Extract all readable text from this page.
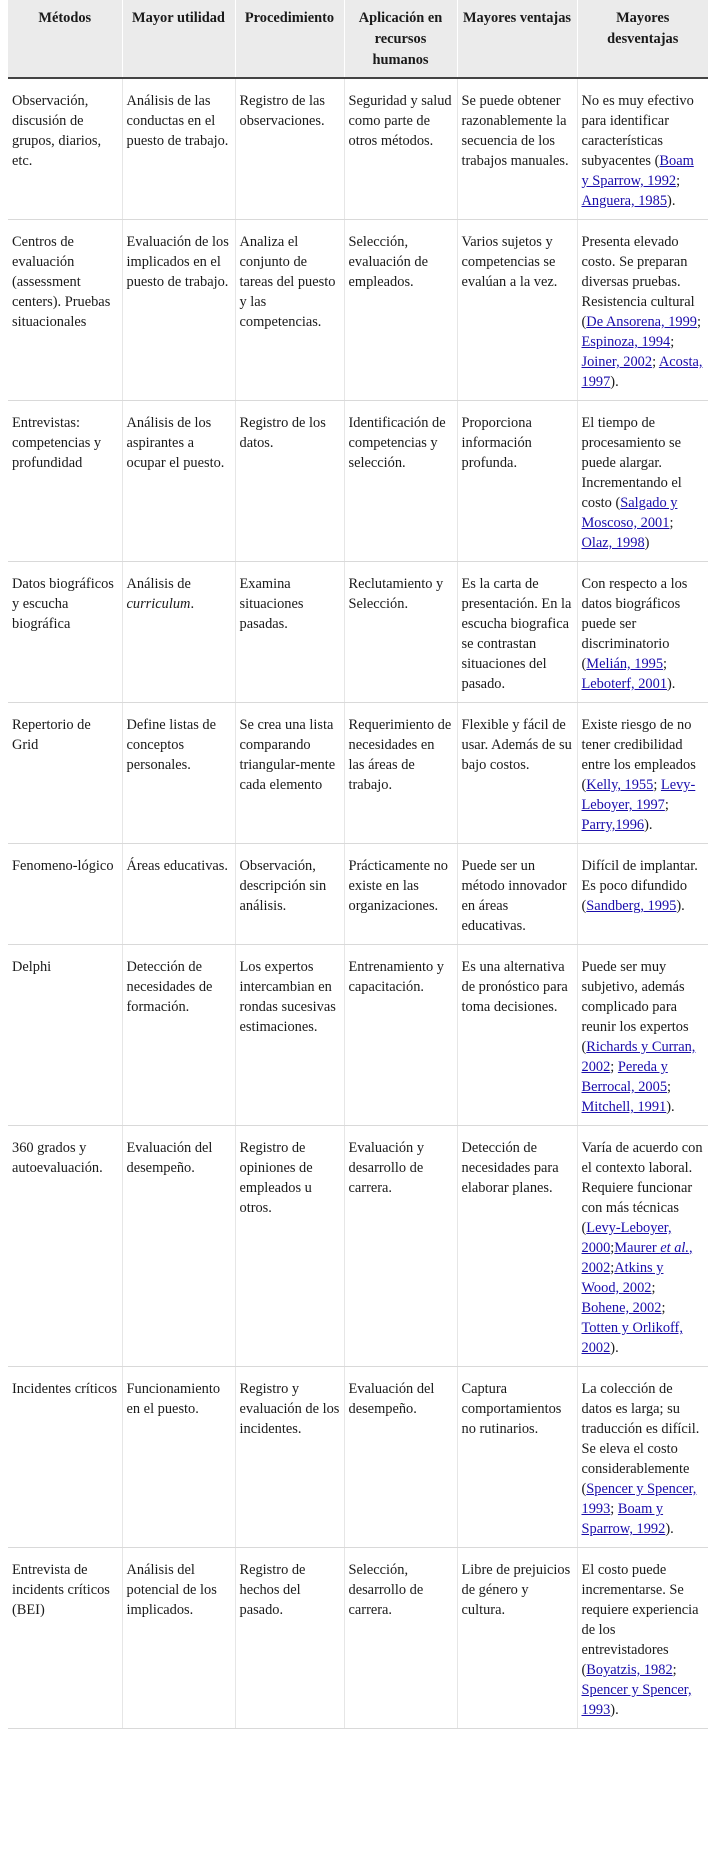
Métodos	Mayor utilidad	Procedimiento	Aplicación en recursos humanos	Mayores ventajas	Mayores desventajas
Observación, discusión de grupos, diarios, etc.	Análisis de las conductas en el puesto de trabajo.	Registro de las observaciones.	Seguridad y salud como parte de otros métodos.	Se puede obtener razonablemente la secuencia de los trabajos manuales.	No es muy efectivo para identificar características subyacentes (Boam y Sparrow, 1992; Anguera, 1985).
Centros de evaluación (assessment centers). Pruebas situacionales	Evaluación de los implicados en el puesto de trabajo.	Analiza el conjunto de tareas del puesto y las competencias.	Selección, evaluación de empleados.	Varios sujetos y competencias se evalúan a la vez.	Presenta elevado costo. Se preparan diversas pruebas. Resistencia cultural (De Ansorena, 1999; Espinoza, 1994; Joiner, 2002; Acosta, 1997).
Entrevistas: competencias y profundidad	Análisis de los aspirantes a ocupar el puesto.	Registro de los datos.	Identificación de competencias y selección.	Proporciona información profunda.	El tiempo de procesamiento se puede alargar. Incrementando el costo (Salgado y Moscoso, 2001; Olaz, 1998)
Datos biográficos y escucha biográfica	Análisis de curriculum.	Examina situaciones pasadas.	Reclutamiento y Selección.	Es la carta de presentación. En la escucha biografica se contrastan situaciones del pasado.	Con respecto a los datos biográficos puede ser discriminatorio (Melián, 1995; Leboterf, 2001).
Repertorio de Grid	Define listas de conceptos personales.	Se crea una lista comparando triangular-mente cada elemento	Requerimiento de necesidades en las áreas de trabajo.	Flexible y fácil de usar. Además de su bajo costos.	Existe riesgo de no tener credibilidad entre los empleados (Kelly, 1955; Levy-Leboyer, 1997; Parry,1996).
Fenomeno-lógico	Áreas educativas.	Observación, descripción sin análisis.	Prácticamente no existe en las organizaciones.	Puede ser un método innovador en áreas educativas.	Difícil de implantar. Es poco difundido (Sandberg, 1995).
Delphi	Detección de necesidades de formación.	Los expertos intercambian en rondas sucesivas estimaciones.	Entrenamiento y capacitación.	Es una alternativa de pronóstico para toma decisiones.	Puede ser muy subjetivo, además complicado para reunir los expertos (Richards y Curran, 2002; Pereda y Berrocal, 2005; Mitchell, 1991).
360 grados y autoevaluación.	Evaluación del desempeño.	Registro de opiniones de empleados u otros.	Evaluación y desarrollo de carrera.	Detección de necesidades para elaborar planes.	Varía de acuerdo con el contexto laboral. Requiere funcionar con más técnicas (Levy-Leboyer, 2000;Maurer et al., 2002;Atkins y Wood, 2002; Bohene, 2002; Totten y Orlikoff, 2002).
Incidentes críticos	Funcionamiento en el puesto.	Registro y evaluación de los incidentes.	Evaluación del desempeño.	Captura comportamientos no rutinarios.	La colección de datos es larga; su traducción es difícil. Se eleva el costo considerablemente (Spencer y Spencer, 1993; Boam y Sparrow, 1992).
Entrevista de incidents críticos (BEI)	Análisis del potencial de los implicados.	Registro de hechos del pasado.	Selección, desarrollo de carrera.	Libre de prejuicios de género y cultura.	El costo puede incrementarse. Se requiere experiencia de los entrevistadores (Boyatzis, 1982; Spencer y Spencer, 1993).
